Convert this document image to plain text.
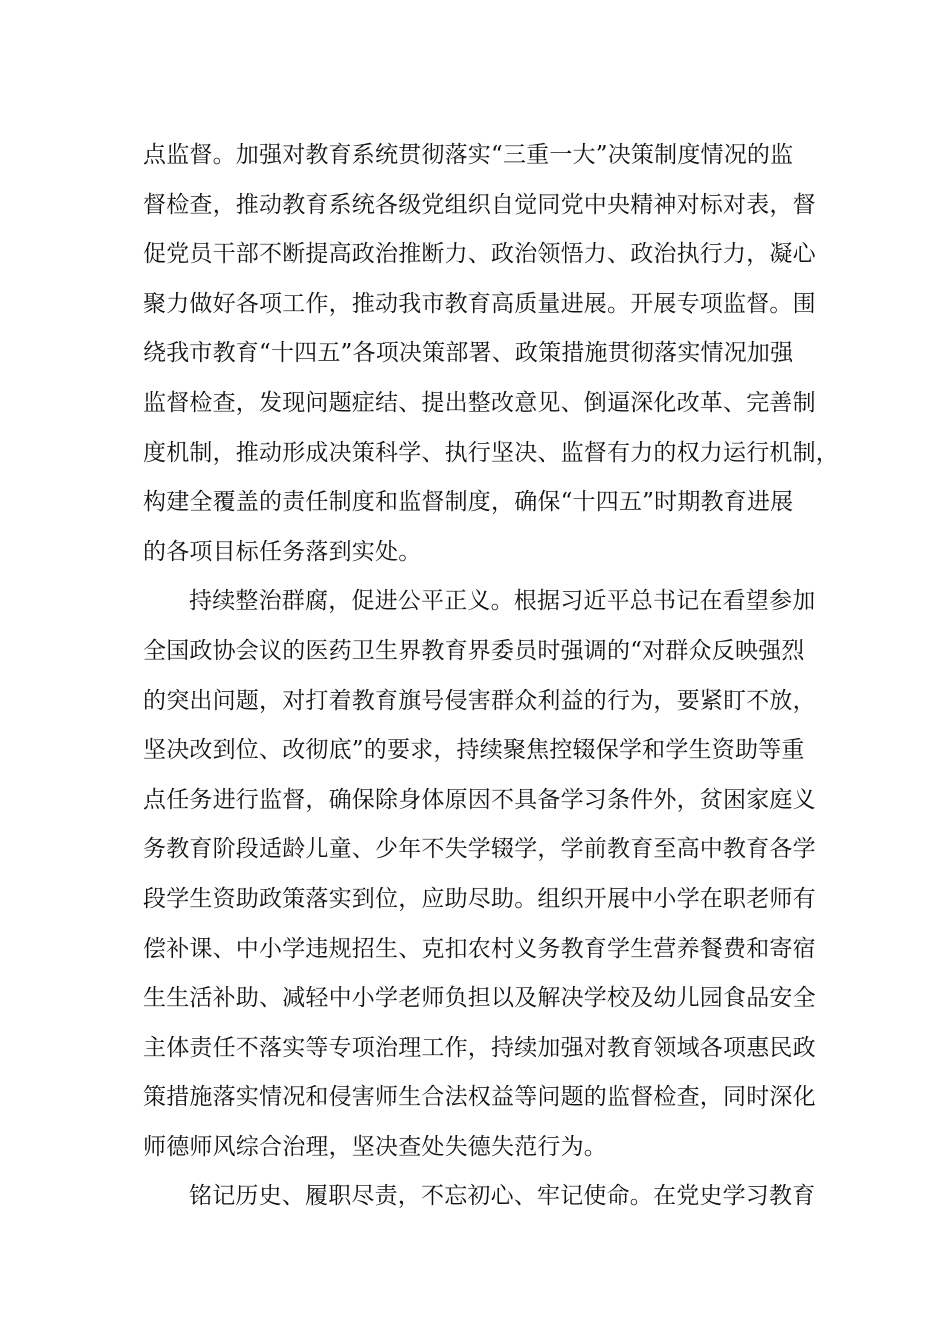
点监督。加强对教育系统贯彻落实“三重一大”决策制度情况的监
督检查，推动教育系统各级党组织自觉同党中央精神对标对表，督
促党员干部不断提高政治推断力、政治领悟力、政治执行力，凝心
聚力做好各项工作，推动我市教育高质量进展。开展专项监督。围
绕我市教育“十四五”各项决策部署、政策措施贯彻落实情况加强
监督检查，发现问题症结、提出整改意见、倒逼深化改革、完善制
度机制，推动形成决策科学、执行坚决、监督有力的权力运行机制，
构建全覆盖的责任制度和监督制度，确保“十四五”时期教育进展
的各项目标任务落到实处。
持续整治群腐，促进公平正义。根据习近平总书记在看望参加
全国政协会议的医药卫生界教育界委员时强调的“对群众反映强烈
的突出问题，对打着教育旗号侵害群众利益的行为，要紧盯不放，
坚决改到位、改彻底”的要求，持续聚焦控辍保学和学生资助等重
点任务进行监督，确保除身体原因不具备学习条件外，贫困家庭义
务教育阶段适龄儿童、少年不失学辍学，学前教育至高中教育各学
段学生资助政策落实到位，应助尽助。组织开展中小学在职老师有
偿补课、中小学违规招生、克扣农村义务教育学生营养餐费和寄宿
生生活补助、减轻中小学老师负担以及解决学校及幼儿园食品安全
主体责任不落实等专项治理工作，持续加强对教育领域各项惠民政
策措施落实情况和侵害师生合法权益等问题的监督检查，同时深化
师德师风综合治理，坚决查处失德失范行为。
铭记历史、履职尽责，不忘初心、牢记使命。在党史学习教育
